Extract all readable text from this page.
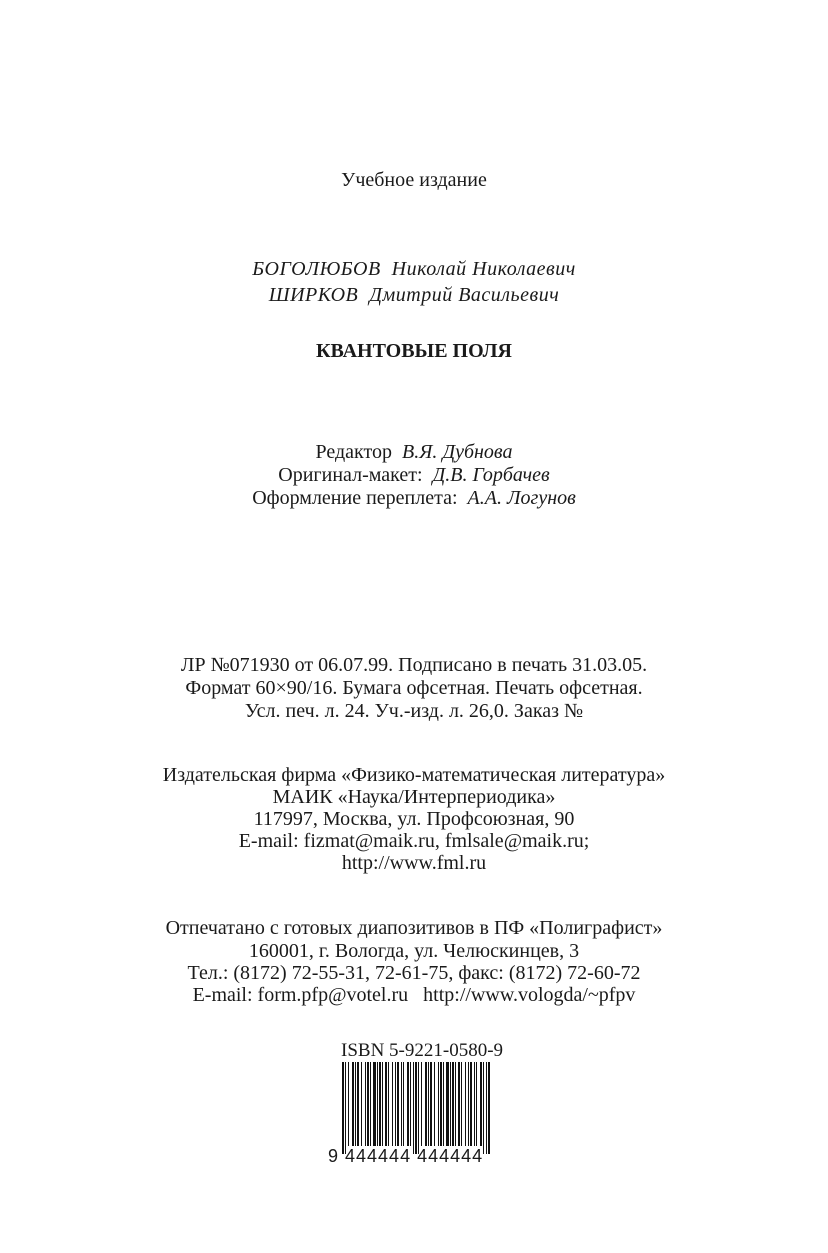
Учебное издание
БОГОЛЮБОВ Николай Николаевич
ШИРКОВ Дмитрий Васильевич
КВАНТОВЫЕ ПОЛЯ
Редактор В.Я. Дубнова
Оригинал-макет: Д.В. Горбачев
Оформление переплета: А.А. Логунов
ЛР №071930 от 06.07.99. Подписано в печать 31.03.05.
Формат 60×90/16. Бумага офсетная. Печать офсетная.
Усл. печ. л. 24. Уч.-изд. л. 26,0. Заказ №
Издательская фирма «Физико-математическая литература»
МАИК «Наука/Интерпериодика»
117997, Москва, ул. Профсоюзная, 90
E-mail: fizmat@maik.ru, fmlsale@maik.ru;
http://www.fml.ru
Отпечатано с готовых диапозитивов в ПФ «Полиграфист»
160001, г. Вологда, ул. Челюскинцев, 3
Тел.: (8172) 72-55-31, 72-61-75, факс: (8172) 72-60-72
E-mail: form.pfp@votel.ru   http://www.vologda/~pfpv
ISBN 5-9221-0580-9
9 444444 444444
